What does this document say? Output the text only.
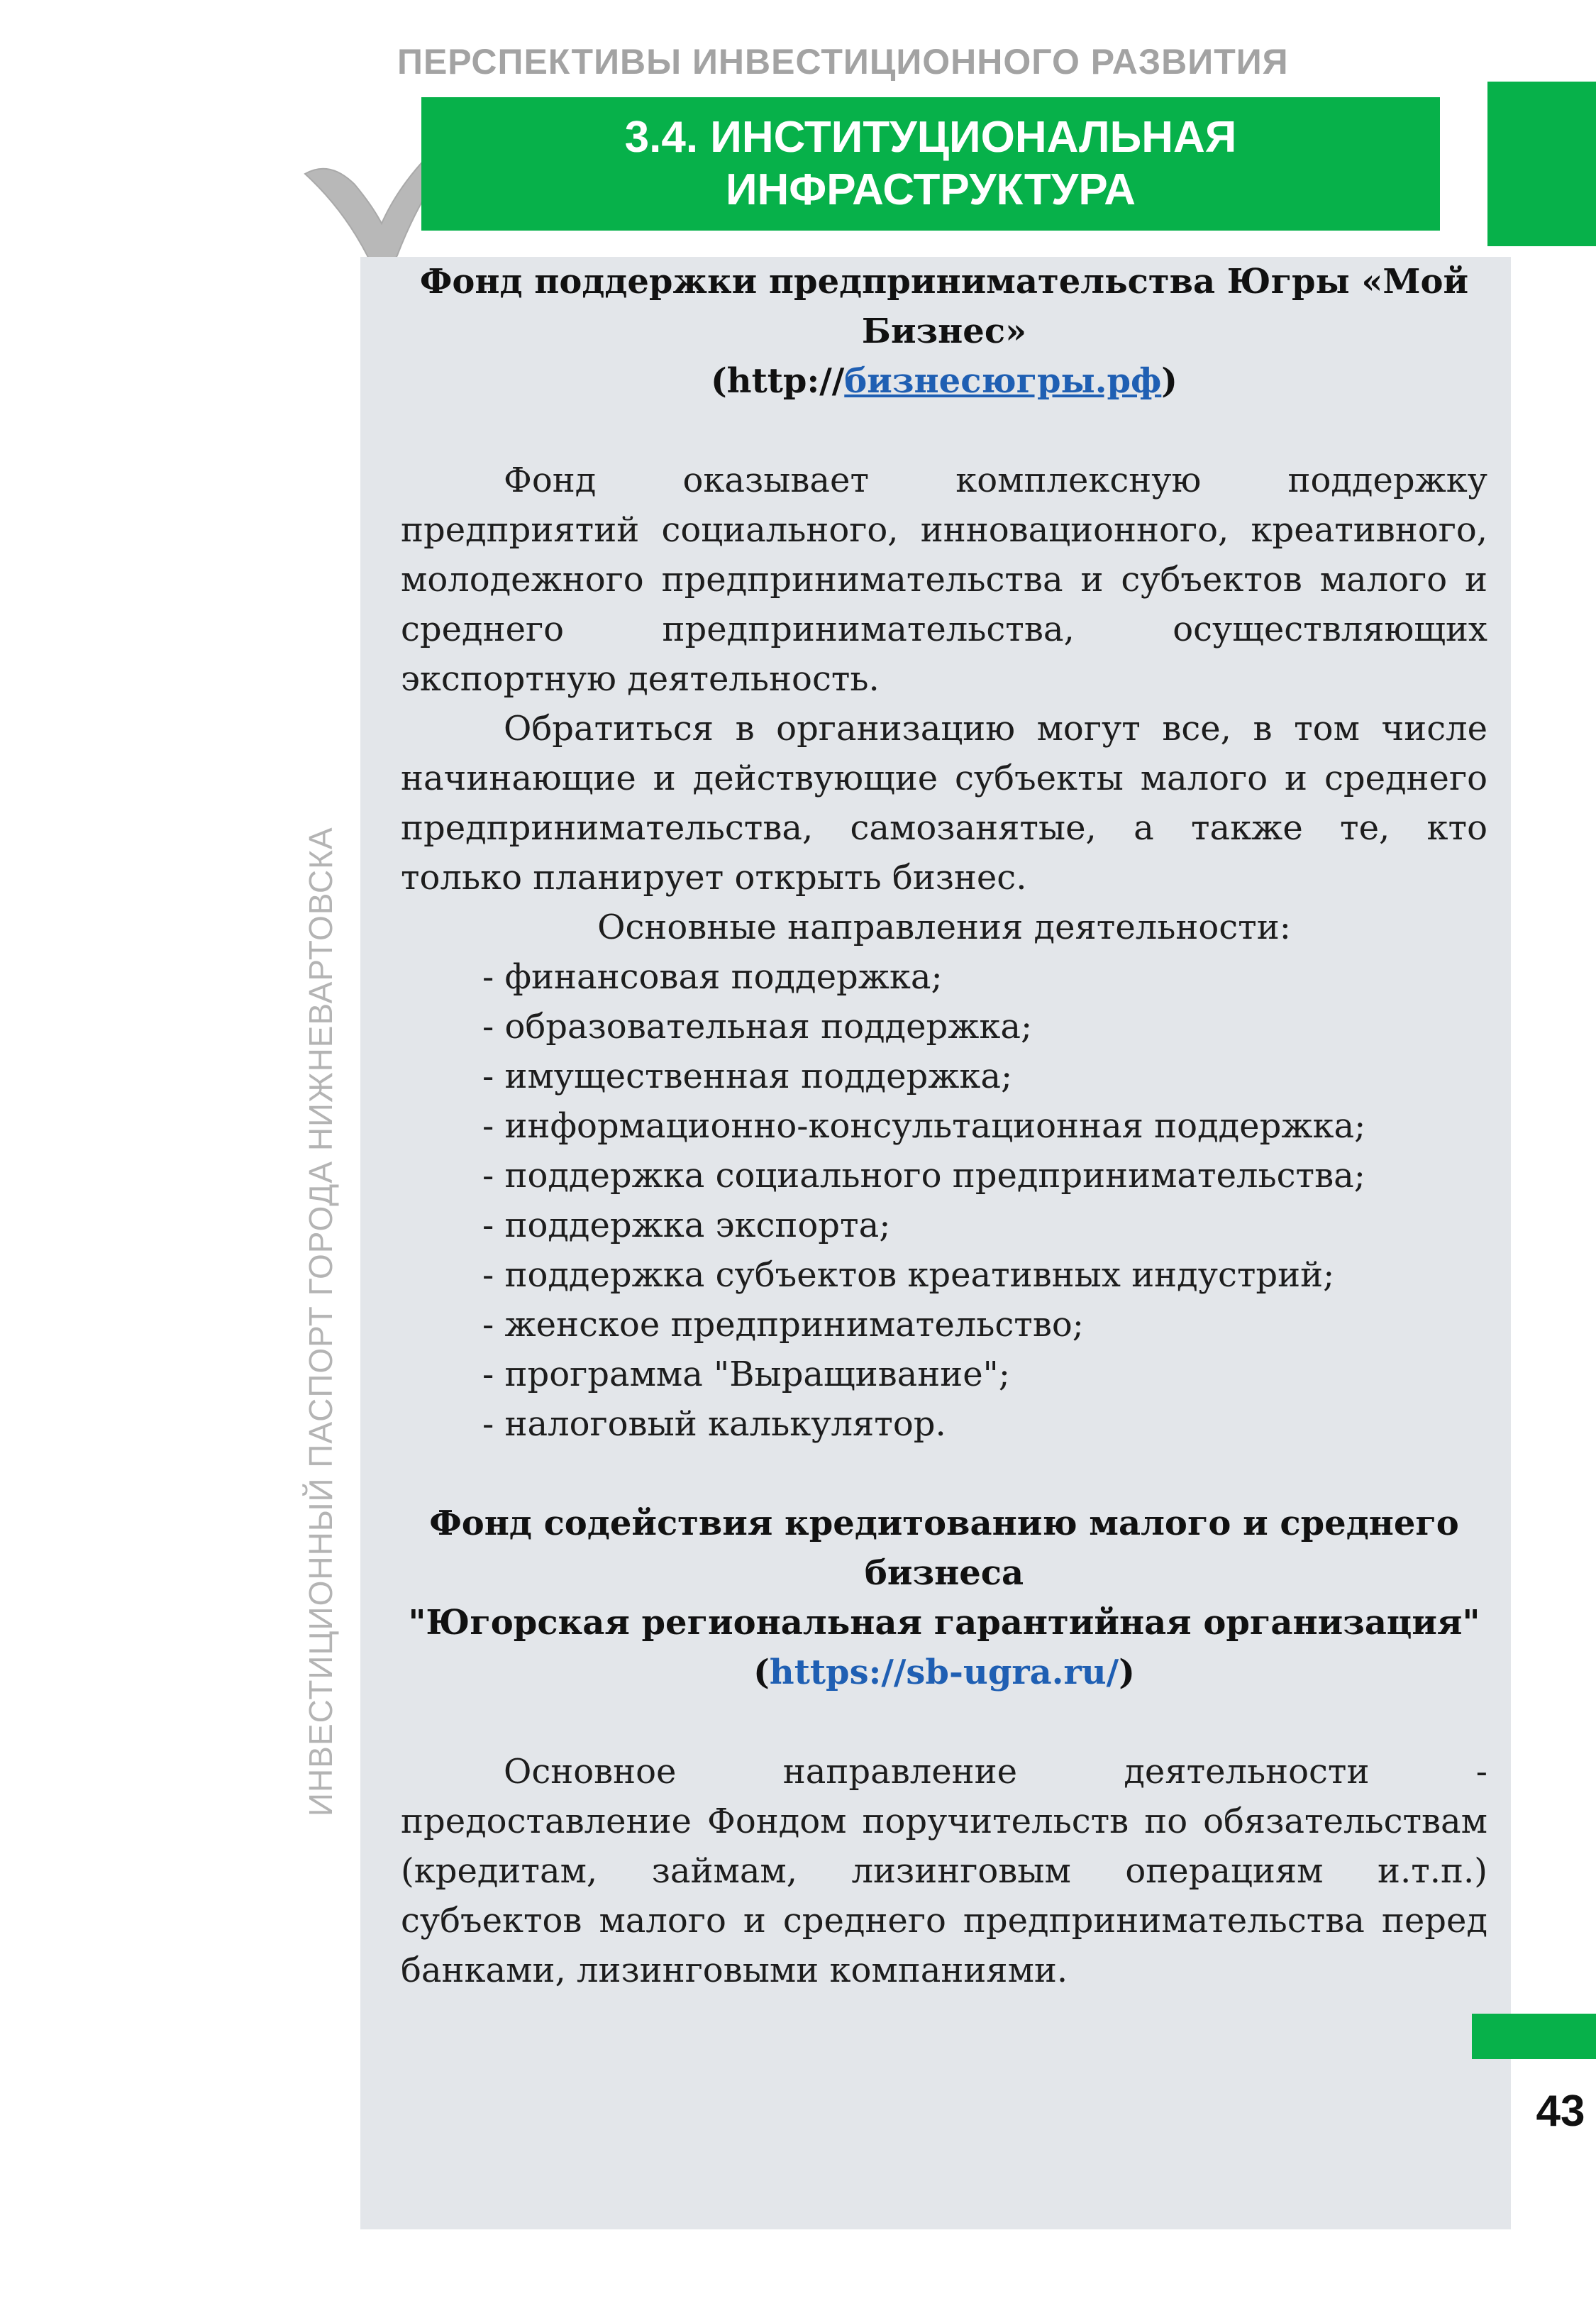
ПЕРСПЕКТИВЫ ИНВЕСТИЦИОННОГО РАЗВИТИЯ
3.4. ИНСТИТУЦИОНАЛЬНАЯ
ИНФРАСТРУКТУРА
ИНВЕСТИЦИОННЫЙ ПАСПОРТ ГОРОДА НИЖНЕВАРТОВСКА
Фонд поддержки предпринимательства Югры «Мой
Бизнес»
(http://бизнесюгры.рф)
Фонд оказывает комплексную поддержку предприятий социального, инновационного, креативного, молодежного предпринимательства и субъектов малого и среднего предпринимательства, осуществляющих экспортную деятельность.
Обратиться в организацию могут все, в том числе начинающие и действующие субъекты малого и среднего предпринимательства, самозанятые, а также те, кто только планирует открыть бизнес.
Основные направления деятельности:
- финансовая поддержка;
- образовательная поддержка;
- имущественная поддержка;
- информационно-консультационная поддержка;
- поддержка социального предпринимательства;
- поддержка экспорта;
- поддержка субъектов креативных индустрий;
- женское предпринимательство;
- программа "Выращивание";
- налоговый калькулятор.
Фонд содействия кредитованию малого и среднего
бизнеса
"Югорская региональная гарантийная организация"
(https://sb-ugra.ru/)
Основное направление деятельности - предоставление Фондом поручительств по обязательствам (кредитам, займам, лизинговым операциям и.т.п.) субъектов малого и среднего предпринимательства перед банками, лизинговыми компаниями.
43
